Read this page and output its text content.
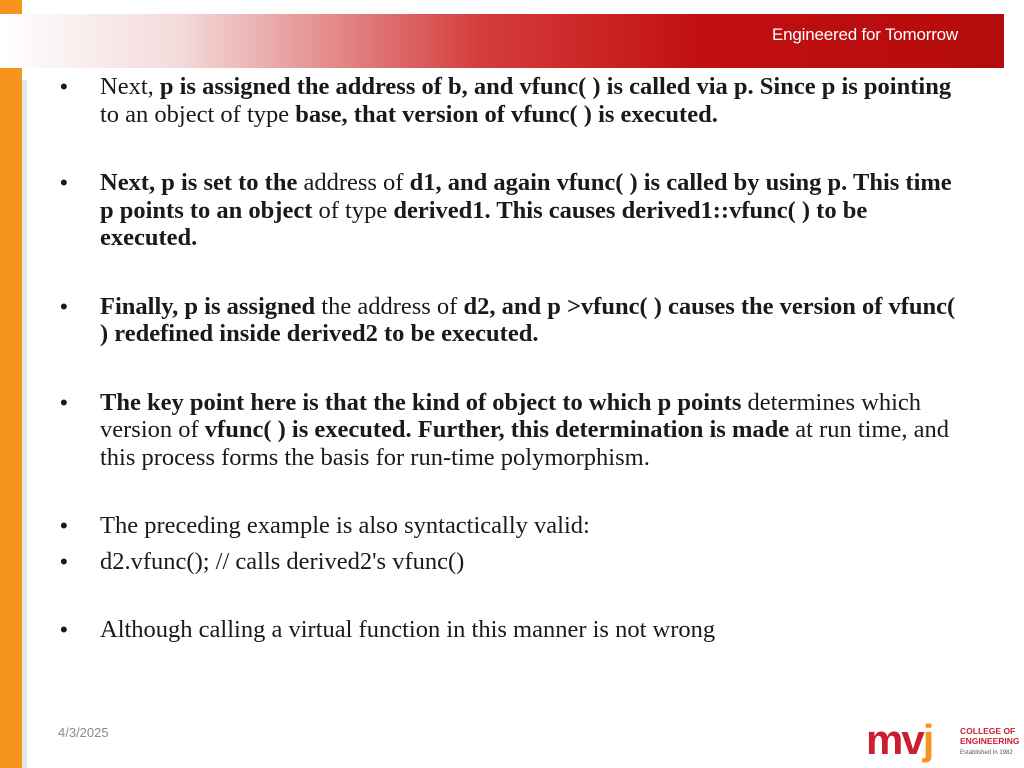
Engineered for Tomorrow

• Next, p is assigned the address of b, and vfunc( ) is called via p. Since p is pointing to an object of type base, that version of vfunc( ) is executed.

• Next, p is set to the address of d1, and again vfunc( ) is called by using p. This time p points to an object of type derived1. This causes derived1::vfunc( ) to be executed.

• Finally, p is assigned the address of d2, and p >vfunc( ) causes the version of vfunc( ) redefined inside derived2 to be executed.

• The key point here is that the kind of object to which p points determines which version of vfunc( ) is executed. Further, this determination is made at run time, and this process forms the basis for run-time polymorphism.

• The preceding example is also syntactically valid:

• d2.vfunc(); // calls derived2's vfunc()

• Although calling a virtual function in this manner is not wrong

4/3/2025	mvj	COLLEGE OF
ENGINEERING
Established In 1982
